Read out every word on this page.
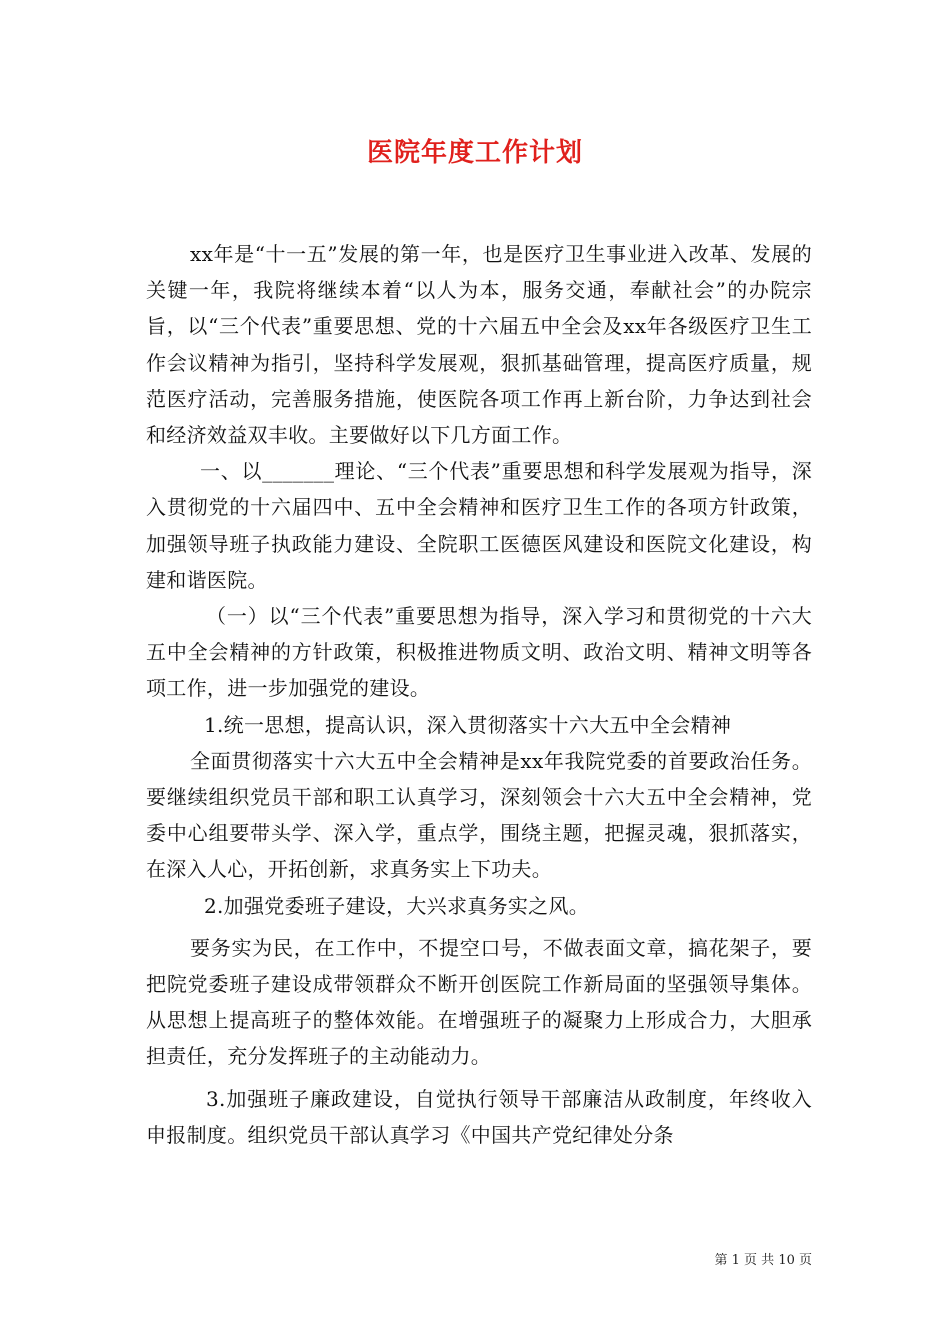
医院年度工作计划

xx年是“十一五”发展的第一年，也是医疗卫生事业进入改革、发展的关键一年，我院将继续本着“以人为本，服务交通，奉献社会”的办院宗旨，以“三个代表”重要思想、党的十六届五中全会及xx年各级医疗卫生工作会议精神为指引，坚持科学发展观，狠抓基础管理，提高医疗质量，规范医疗活动，完善服务措施，使医院各项工作再上新台阶，力争达到社会和经济效益双丰收。主要做好以下几方面工作。

一、以_______理论、“三个代表”重要思想和科学发展观为指导，深入贯彻党的十六届四中、五中全会精神和医疗卫生工作的各项方针政策，加强领导班子执政能力建设、全院职工医德医风建设和医院文化建设，构建和谐医院。

（一）以“三个代表”重要思想为指导，深入学习和贯彻党的十六大五中全会精神的方针政策，积极推进物质文明、政治文明、精神文明等各项工作，进一步加强党的建设。

1.统一思想，提高认识，深入贯彻落实十六大五中全会精神

全面贯彻落实十六大五中全会精神是xx年我院党委的首要政治任务。要继续组织党员干部和职工认真学习，深刻领会十六大五中全会精神，党委中心组要带头学、深入学，重点学，围绕主题，把握灵魂，狠抓落实，在深入人心，开拓创新，求真务实上下功夫。

2.加强党委班子建设，大兴求真务实之风。

要务实为民，在工作中，不提空口号，不做表面文章，搞花架子，要把院党委班子建设成带领群众不断开创医院工作新局面的坚强领导集体。从思想上提高班子的整体效能。在增强班子的凝聚力上形成合力，大胆承担责任，充分发挥班子的主动能动力。

3.加强班子廉政建设，自觉执行领导干部廉洁从政制度，年终收入申报制度。组织党员干部认真学习《中国共产党纪律处分条

第 1 页 共 10 页
